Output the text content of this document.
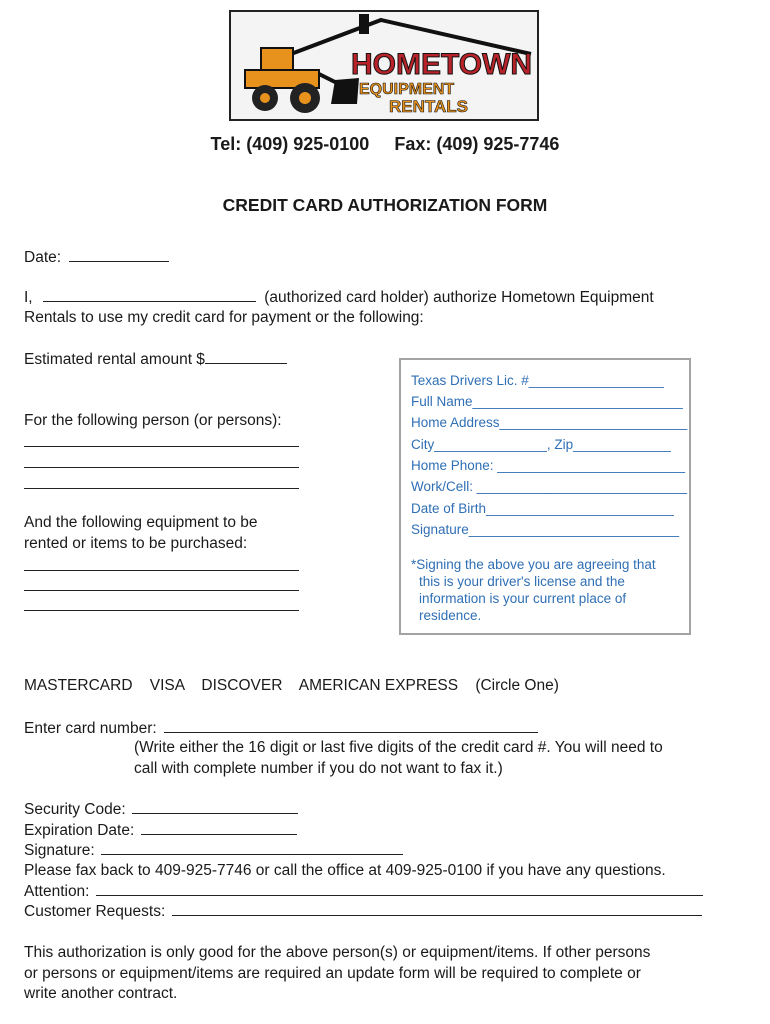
HOMETOWN
EQUIPMENT
RENTALS
Tel: (409) 925-0100 Fax: (409) 925-7746
CREDIT CARD AUTHORIZATION FORM
Date:
I,	(authorized card holder) authorize Hometown Equipment
Rentals to use my credit card for payment or the following:
Estimated rental amount $
For the following person (or persons):
And the following equipment to be
rented or items to be purchased:
Texas Drivers Lic. #__________________
Full Name____________________________
Home Address_________________________
City_______________, Zip_____________
Home Phone: _________________________
Work/Cell: ____________________________
Date of Birth_________________________
Signature____________________________
*Signing the above you are agreeing that
this is your driver's license and the
information is your current place of
residence.
MASTERCARD    VISA    DISCOVER    AMERICAN EXPRESS    (Circle One)
Enter card number:
(Write either the 16 digit or last five digits of the credit card #. You will need to
call with complete number if you do not want to fax it.)
Security Code:
Expiration Date:
Signature:
Please fax back to 409-925-7746 or call the office at 409-925-0100 if you have any questions.
Attention:
Customer Requests:
This authorization is only good for the above person(s) or equipment/items. If other persons
or persons or equipment/items are required an update form will be required to complete or
write another contract.
